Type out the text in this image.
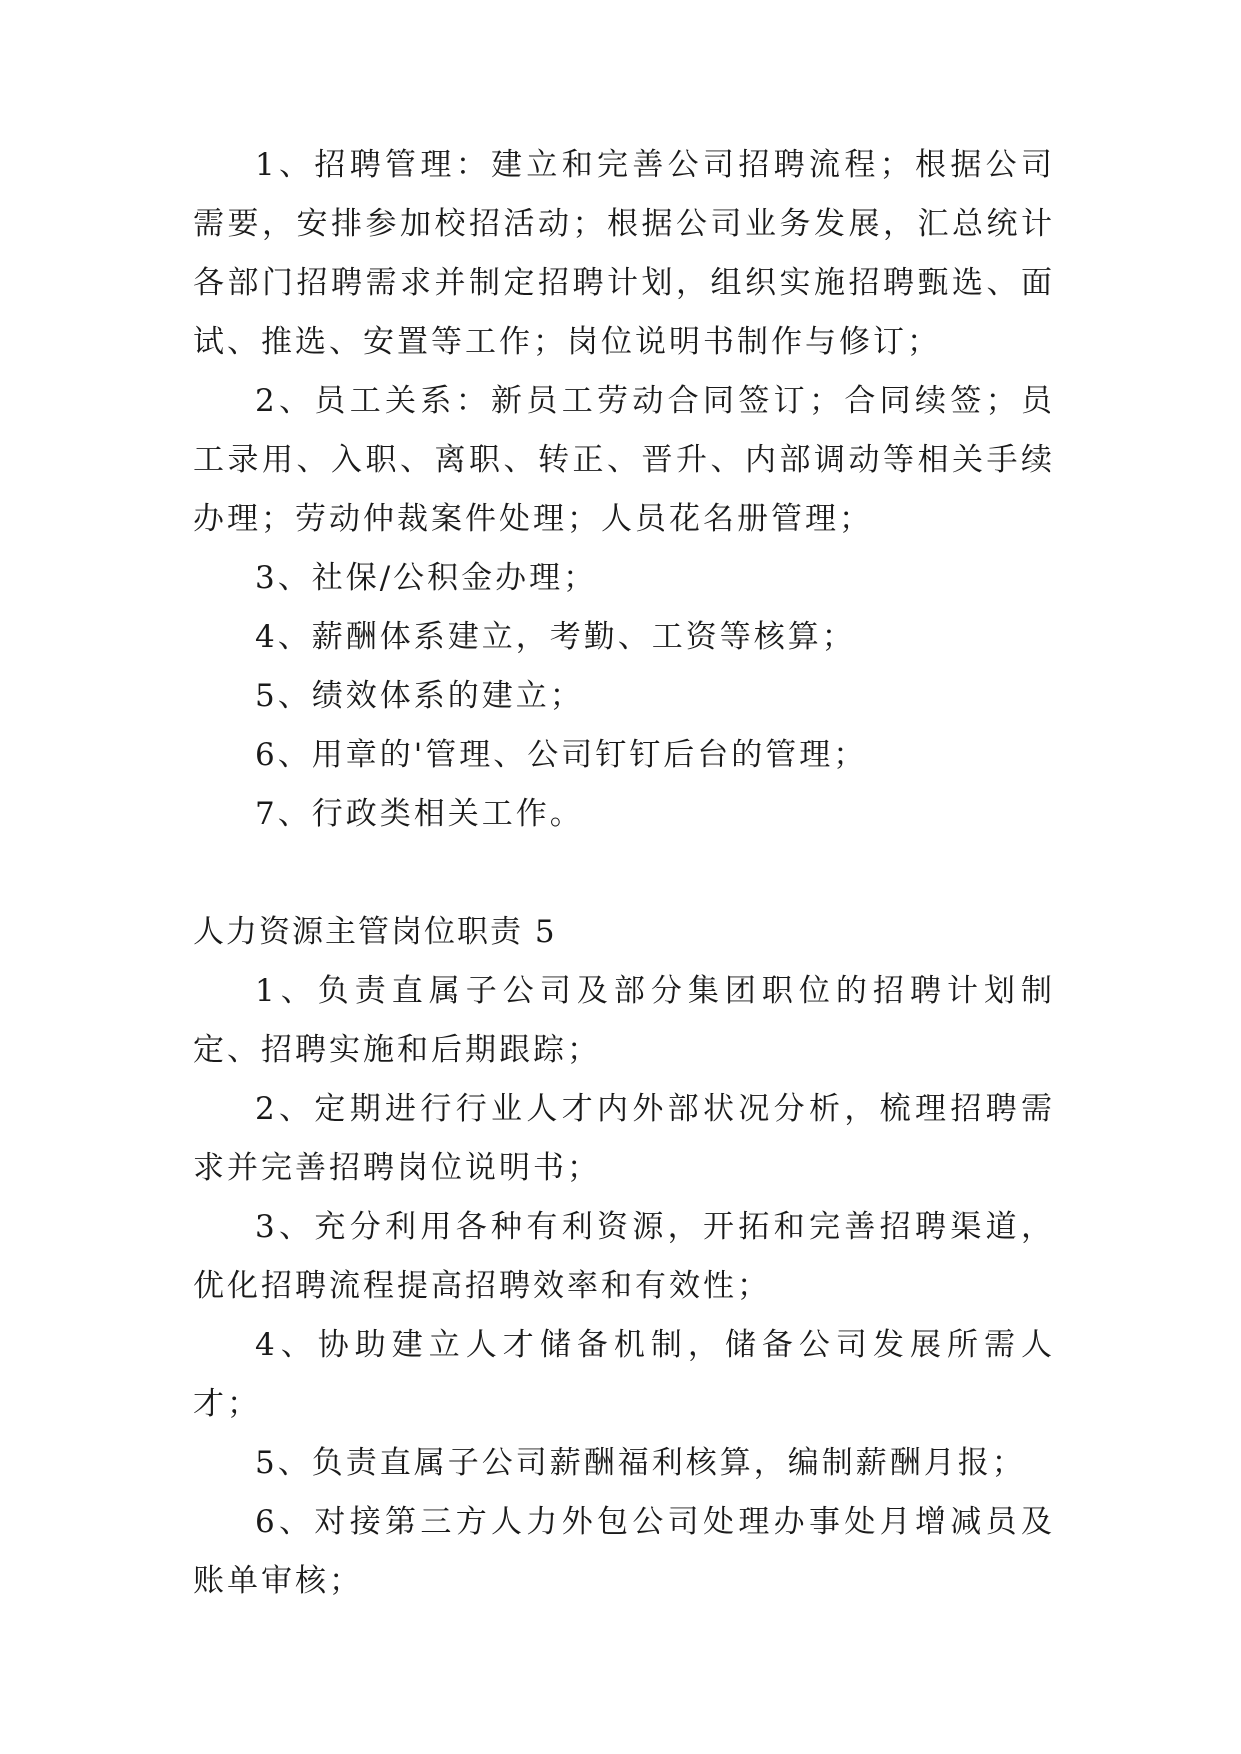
1、招聘管理：建立和完善公司招聘流程；根据公司需要，安排参加校招活动；根据公司业务发展，汇总统计各部门招聘需求并制定招聘计划，组织实施招聘甄选、面试、推选、安置等工作；岗位说明书制作与修订；

2、员工关系：新员工劳动合同签订；合同续签；员工录用、入职、离职、转正、晋升、内部调动等相关手续办理；劳动仲裁案件处理；人员花名册管理；

3、社保/公积金办理；

4、薪酬体系建立，考勤、工资等核算；

5、绩效体系的建立；

6、用章的'管理、公司钉钉后台的管理；

7、行政类相关工作。

人力资源主管岗位职责 5

1、负责直属子公司及部分集团职位的招聘计划制定、招聘实施和后期跟踪；

2、定期进行行业人才内外部状况分析，梳理招聘需求并完善招聘岗位说明书；

3、充分利用各种有利资源，开拓和完善招聘渠道，优化招聘流程提高招聘效率和有效性；

4、协助建立人才储备机制，储备公司发展所需人才；

5、负责直属子公司薪酬福利核算，编制薪酬月报；

6、对接第三方人力外包公司处理办事处月增减员及账单审核；
